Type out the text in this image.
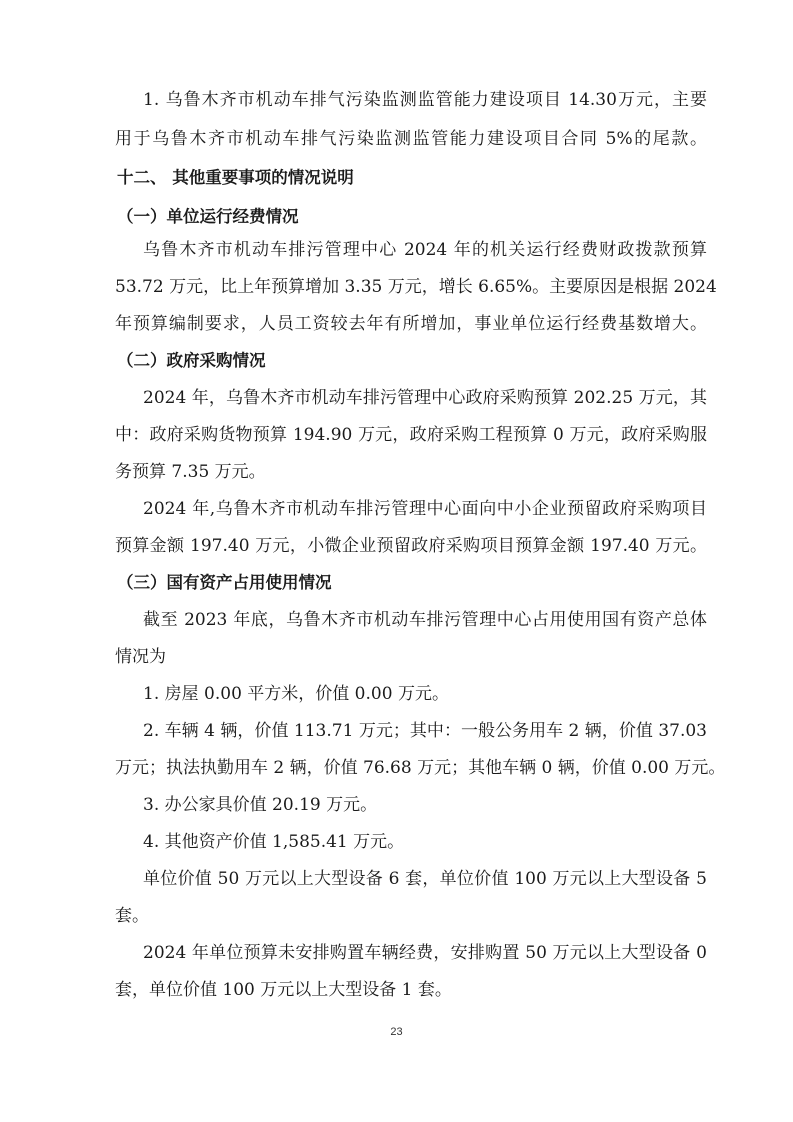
1. 乌鲁木齐市机动车排气污染监测监管能力建设项目 14.30万元，主要
用于乌鲁木齐市机动车排气污染监测监管能力建设项目合同 5%的尾款。
十二、 其他重要事项的情况说明
（一）单位运行经费情况
乌鲁木齐市机动车排污管理中心 2024 年的机关运行经费财政拨款预算
53.72 万元，比上年预算增加 3.35 万元，增长 6.65%。主要原因是根据 2024
年预算编制要求，人员工资较去年有所增加，事业单位运行经费基数增大。
（二）政府采购情况
2024 年，乌鲁木齐市机动车排污管理中心政府采购预算 202.25 万元，其
中：政府采购货物预算 194.90 万元，政府采购工程预算 0 万元，政府采购服
务预算 7.35 万元。
2024 年,乌鲁木齐市机动车排污管理中心面向中小企业预留政府采购项目
预算金额 197.40 万元，小微企业预留政府采购项目预算金额 197.40 万元。
（三）国有资产占用使用情况
截至 2023 年底，乌鲁木齐市机动车排污管理中心占用使用国有资产总体
情况为
1. 房屋 0.00 平方米，价值 0.00 万元。
2. 车辆 4 辆，价值 113.71 万元；其中：一般公务用车 2 辆，价值 37.03
万元；执法执勤用车 2 辆，价值 76.68 万元；其他车辆 0 辆，价值 0.00 万元。
3. 办公家具价值 20.19 万元。
4. 其他资产价值 1,585.41 万元。
单位价值 50 万元以上大型设备 6 套，单位价值 100 万元以上大型设备 5
套。
2024 年单位预算未安排购置车辆经费，安排购置 50 万元以上大型设备 0
套，单位价值 100 万元以上大型设备 1 套。
23
